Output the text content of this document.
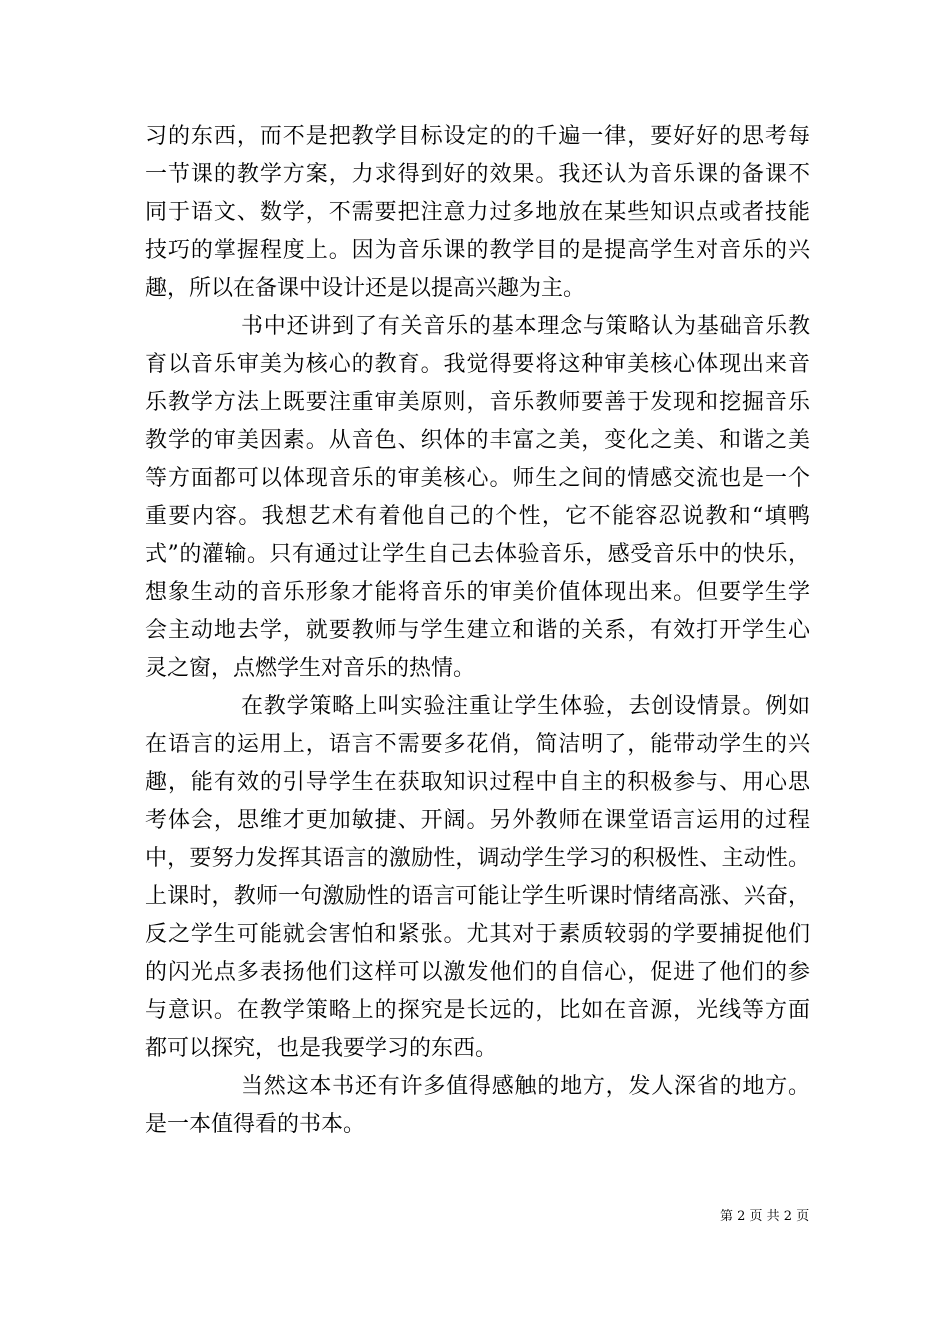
习的东西，而不是把教学目标设定的的千遍一律，要好好的思考每
一节课的教学方案，力求得到好的效果。我还认为音乐课的备课不
同于语文、数学，不需要把注意力过多地放在某些知识点或者技能
技巧的掌握程度上。因为音乐课的教学目的是提高学生对音乐的兴
趣，所以在备课中设计还是以提高兴趣为主。
书中还讲到了有关音乐的基本理念与策略认为基础音乐教
育以音乐审美为核心的教育。我觉得要将这种审美核心体现出来音
乐教学方法上既要注重审美原则，音乐教师要善于发现和挖掘音乐
教学的审美因素。从音色、织体的丰富之美，变化之美、和谐之美
等方面都可以体现音乐的审美核心。师生之间的情感交流也是一个
重要内容。我想艺术有着他自己的个性，它不能容忍说教和“填鸭
式”的灌输。只有通过让学生自己去体验音乐，感受音乐中的快乐，
想象生动的音乐形象才能将音乐的审美价值体现出来。但要学生学
会主动地去学，就要教师与学生建立和谐的关系，有效打开学生心
灵之窗，点燃学生对音乐的热情。
在教学策略上叫实验注重让学生体验，去创设情景。例如
在语言的运用上，语言不需要多花俏，简洁明了，能带动学生的兴
趣，能有效的引导学生在获取知识过程中自主的积极参与、用心思
考体会，思维才更加敏捷、开阔。另外教师在课堂语言运用的过程
中，要努力发挥其语言的激励性，调动学生学习的积极性、主动性。
上课时，教师一句激励性的语言可能让学生听课时情绪高涨、兴奋，
反之学生可能就会害怕和紧张。尤其对于素质较弱的学要捕捉他们
的闪光点多表扬他们这样可以激发他们的自信心，促进了他们的参
与意识。在教学策略上的探究是长远的，比如在音源，光线等方面
都可以探究，也是我要学习的东西。
当然这本书还有许多值得感触的地方，发人深省的地方。
是一本值得看的书本。
第 2 页 共 2 页
